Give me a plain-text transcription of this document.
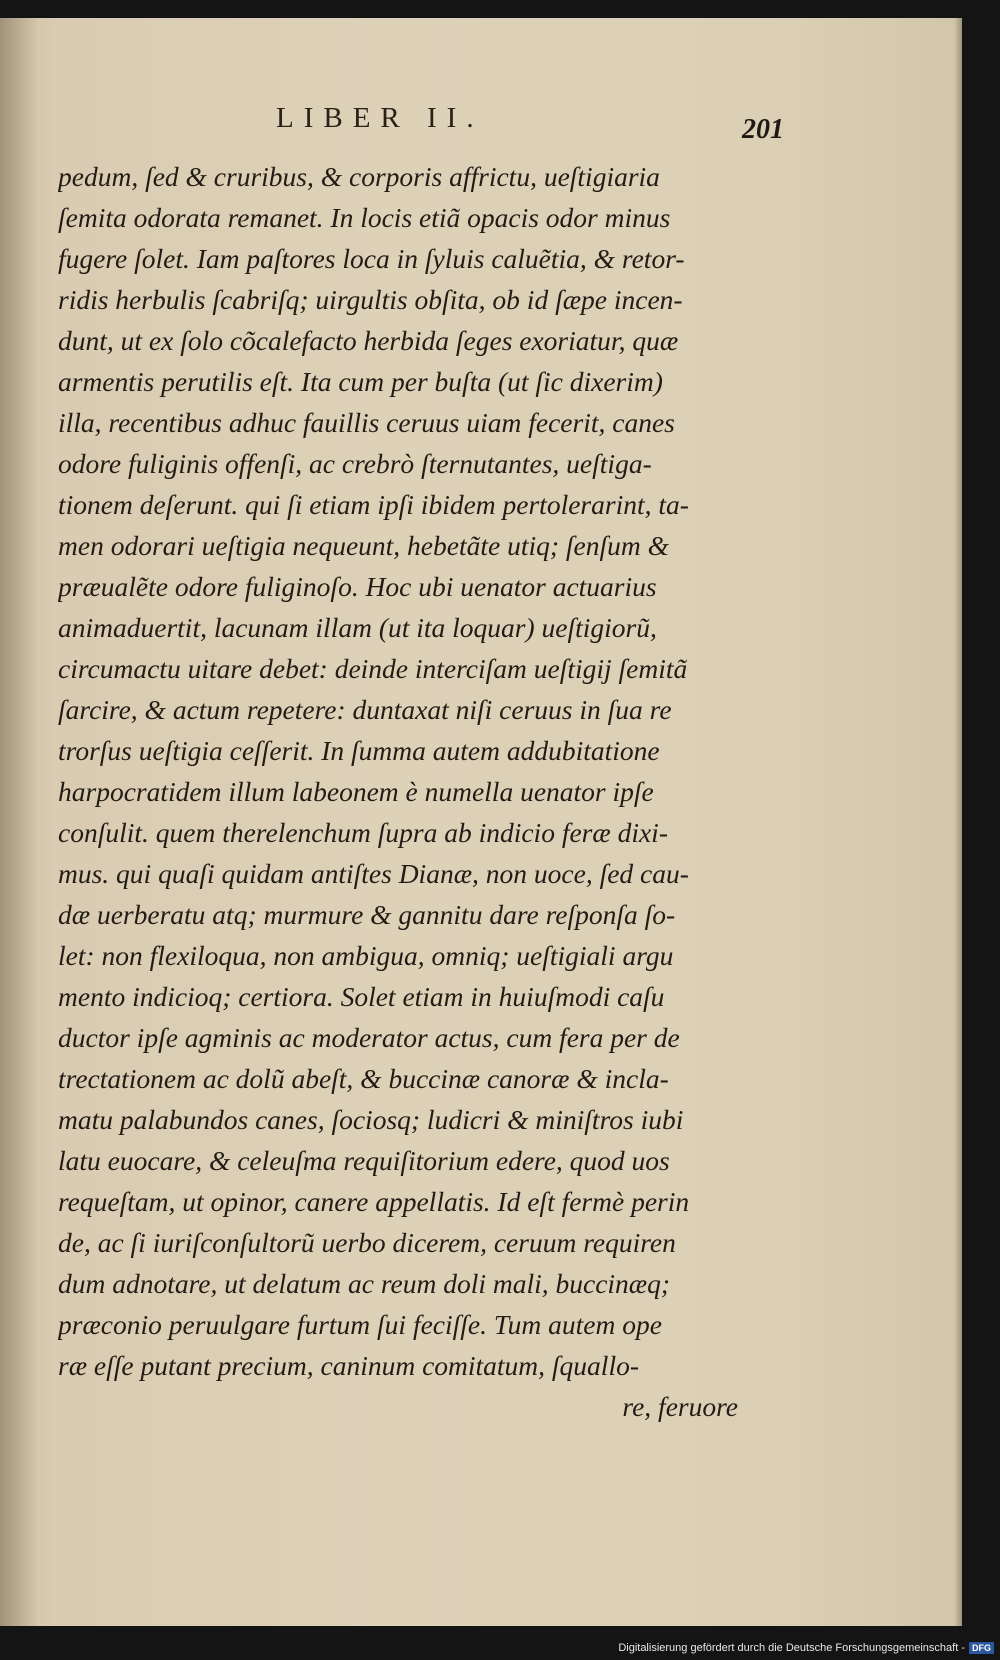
LIBER II.	201
pedum, ſed & cruribus, & corporis affrictu, ueſtigiaria
ſemita odorata remanet. In locis etiã opacis odor minus
fugere ſolet. Iam paſtores loca in ſyluis caluẽtia, & retor-
ridis herbulis ſcabriſq; uirgultis obſita, ob id ſæpe incen-
dunt, ut ex ſolo cõcalefacto herbida ſeges exoriatur, quæ
armentis perutilis eſt. Ita cum per buſta (ut ſic dixerim)
illa, recentibus adhuc fauillis ceruus uiam fecerit, canes
odore fuliginis offenſi, ac crebrò ſternutantes, ueſtiga-
tionem deſerunt. qui ſi etiam ipſi ibidem pertolerarint, ta-
men odorari ueſtigia nequeunt, hebetãte utiq; ſenſum &
præualẽte odore fuliginoſo. Hoc ubi uenator actuarius
animaduertit, lacunam illam (ut ita loquar) ueſtigiorũ,
circumactu uitare debet: deinde interciſam ueſtigij ſemitã
ſarcire, & actum repetere: duntaxat niſi ceruus in ſua re
trorſus ueſtigia ceſſerit. In ſumma autem addubitatione
harpocratidem illum labeonem è numella uenator ipſe
conſulit. quem therelenchum ſupra ab indicio feræ dixi-
mus. qui quaſi quidam antiſtes Dianæ, non uoce, ſed cau-
dæ uerberatu atq; murmure & gannitu dare reſponſa ſo-
let: non flexiloqua, non ambigua, omniq; ueſtigiali argu
mento indicioq; certiora. Solet etiam in huiuſmodi caſu
ductor ipſe agminis ac moderator actus, cum fera per de
trectationem ac dolũ abeſt, & buccinæ canoræ & incla-
matu palabundos canes, ſociosq; ludicri & miniſtros iubi
latu euocare, & celeuſma requiſitorium edere, quod uos
requeſtam, ut opinor, canere appellatis. Id eſt fermè perin
de, ac ſi iuriſconſultorũ uerbo dicerem, ceruum requiren
dum adnotare, ut delatum ac reum doli mali, buccinæq;
præconio peruulgare furtum ſui feciſſe. Tum autem ope
ræ eſſe putant precium, caninum comitatum, ſquallo-
re, feruore
Digitalisierung gefördert durch die Deutsche Forschungsgemeinschaft - DFG
